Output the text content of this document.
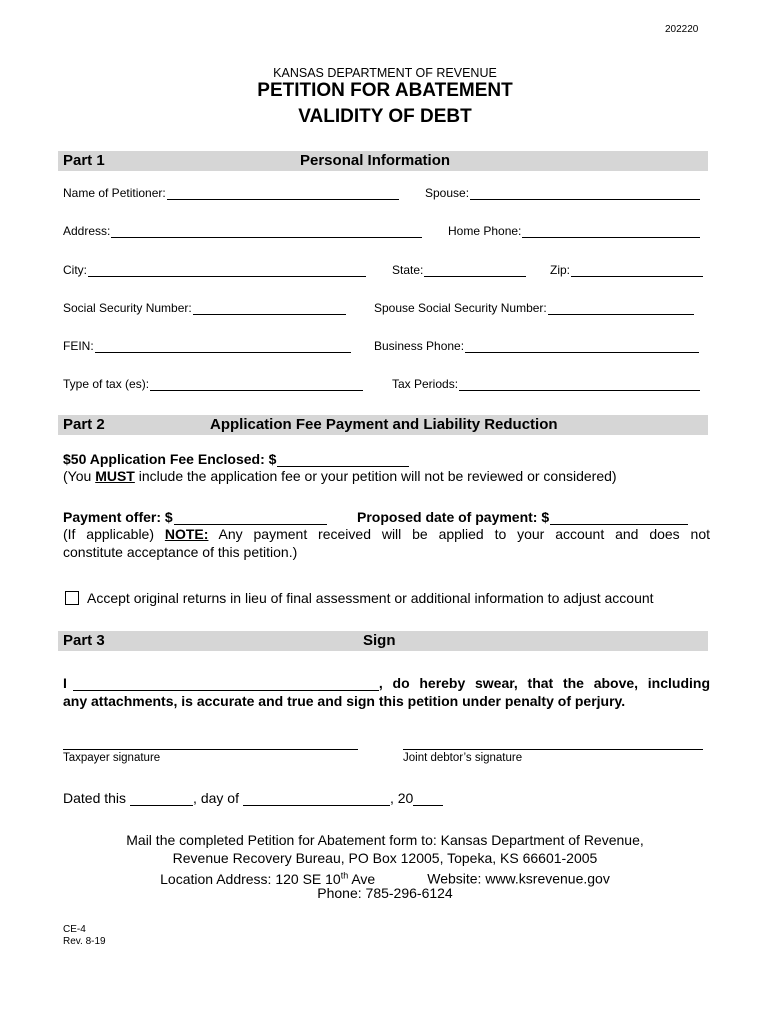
202220
KANSAS DEPARTMENT OF REVENUE
PETITION FOR ABATEMENT
VALIDITY OF DEBT
Part 1	Personal Information
Name of Petitioner:	Spouse:
Address:	Home Phone:
City:	State:	Zip:
Social Security Number:	Spouse Social Security Number:
FEIN:	Business Phone:
Type of tax (es):	Tax Periods:
Part 2	Application Fee Payment and Liability Reduction
$50 Application Fee Enclosed: $
(You MUST include the application fee or your petition will not be reviewed or considered)
Payment offer: $	Proposed date of payment: $
(If applicable) NOTE: Any payment received will be applied to your account and does not
constitute acceptance of this petition.)
Accept original returns in lieu of final assessment or additional information to adjust account
Part 3	Sign
I	, do hereby swear, that the above, including
any attachments, is accurate and true and sign this petition under penalty of perjury.
Taxpayer signature	Joint debtor’s signature
Dated this	, day of	, 20
Mail the completed Petition for Abatement form to: Kansas Department of Revenue,
Revenue Recovery Bureau, PO Box 12005, Topeka, KS 66601-2005
Location Address: 120 SE 10th Ave	Website: www.ksrevenue.gov
Phone: 785-296-6124
CE-4
Rev. 8-19
